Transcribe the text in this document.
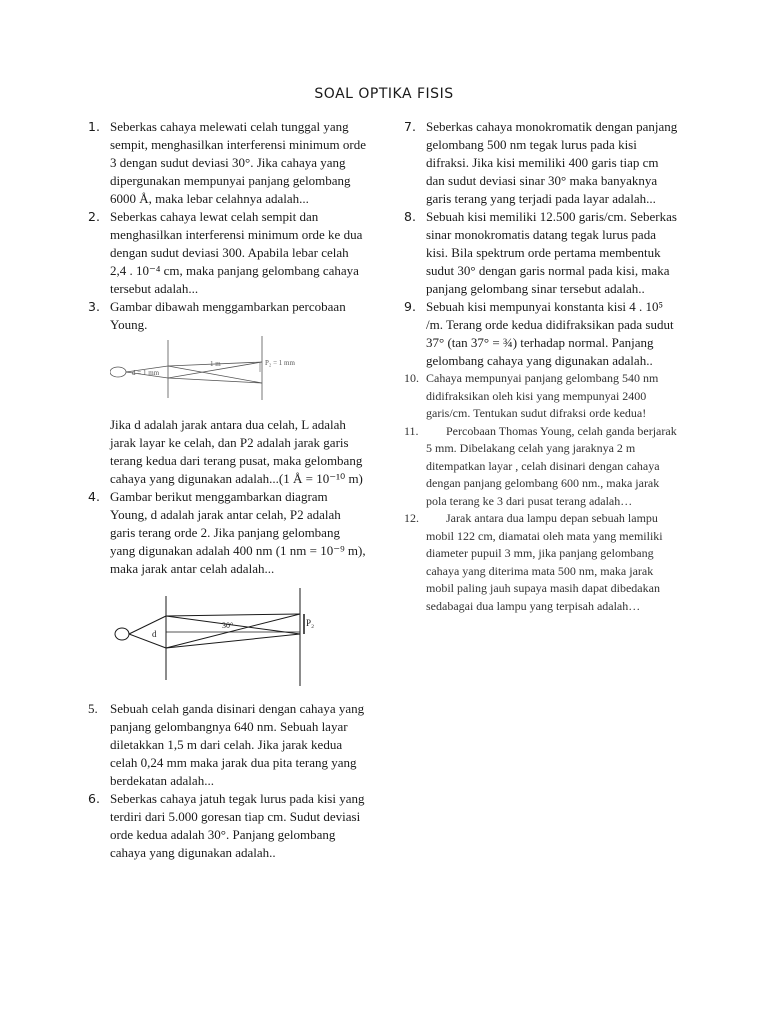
SOAL OPTIKA FISIS
1. Seberkas cahaya melewati celah tunggal yang sempit, menghasilkan interferensi minimum orde 3 dengan sudut deviasi 30°. Jika cahaya yang dipergunakan mempunyai panjang gelombang 6000 Å, maka lebar celahnya adalah...
2. Seberkas cahaya lewat celah sempit dan menghasilkan interferensi minimum orde ke dua dengan sudut deviasi 300. Apabila lebar celah 2,4 . 10⁻⁴ cm, maka panjang gelombang cahaya tersebut adalah...
3. Gambar dibawah menggambarkan percobaan Young.
d = 1 mm
1 m	P₂ = 1 mm
Jika d adalah jarak antara dua celah, L adalah jarak layar ke celah, dan P2 adalah jarak garis terang kedua dari terang pusat, maka gelombang cahaya yang digunakan adalah...(1 Å = 10⁻¹⁰ m)
4. Gambar berikut menggambarkan diagram Young, d adalah jarak antar celah, P2 adalah garis terang orde 2. Jika panjang gelombang yang digunakan adalah 400 nm (1 nm = 10⁻⁹ m), maka jarak antar celah adalah...
d
30°	P₂
5. Sebuah celah ganda disinari dengan cahaya yang panjang gelombangnya 640 nm. Sebuah layar diletakkan 1,5 m dari celah. Jika jarak kedua celah 0,24 mm maka jarak dua pita terang yang berdekatan adalah...
6. Seberkas cahaya jatuh tegak lurus pada kisi yang terdiri dari 5.000 goresan tiap cm. Sudut deviasi orde kedua adalah 30°. Panjang gelombang cahaya yang digunakan adalah..
7. Seberkas cahaya monokromatik dengan panjang gelombang 500 nm tegak lurus pada kisi difraksi. Jika kisi memiliki 400 garis tiap cm dan sudut deviasi sinar 30° maka banyaknya garis terang yang terjadi pada layar adalah...
8. Sebuah kisi memiliki 12.500 garis/cm. Seberkas sinar monokromatis datang tegak lurus pada kisi. Bila spektrum orde pertama membentuk sudut 30° dengan garis normal pada kisi, maka panjang gelombang sinar tersebut adalah..
9. Sebuah kisi mempunyai konstanta kisi 4 . 10⁵ /m. Terang orde kedua didifraksikan pada sudut 37° (tan 37° = ¾) terhadap normal. Panjang gelombang cahaya yang digunakan adalah..
10. Cahaya mempunyai panjang gelombang 540 nm didifraksikan oleh kisi yang mempunyai 2400 garis/cm. Tentukan sudut difraksi orde kedua!
11.	Percobaan Thomas Young, celah ganda berjarak 5 mm. Dibelakang celah yang jaraknya 2 m ditempatkan layar , celah disinari dengan cahaya dengan panjang gelombang 600 nm., maka jarak pola terang ke 3 dari pusat terang adalah…
12.	Jarak antara dua lampu depan sebuah lampu mobil 122 cm, diamatai oleh mata yang memiliki diameter pupuil 3 mm, jika panjang gelombang cahaya yang diterima mata 500 nm, maka jarak mobil paling jauh supaya masih dapat dibedakan sedabagai dua lampu yang terpisah adalah…
